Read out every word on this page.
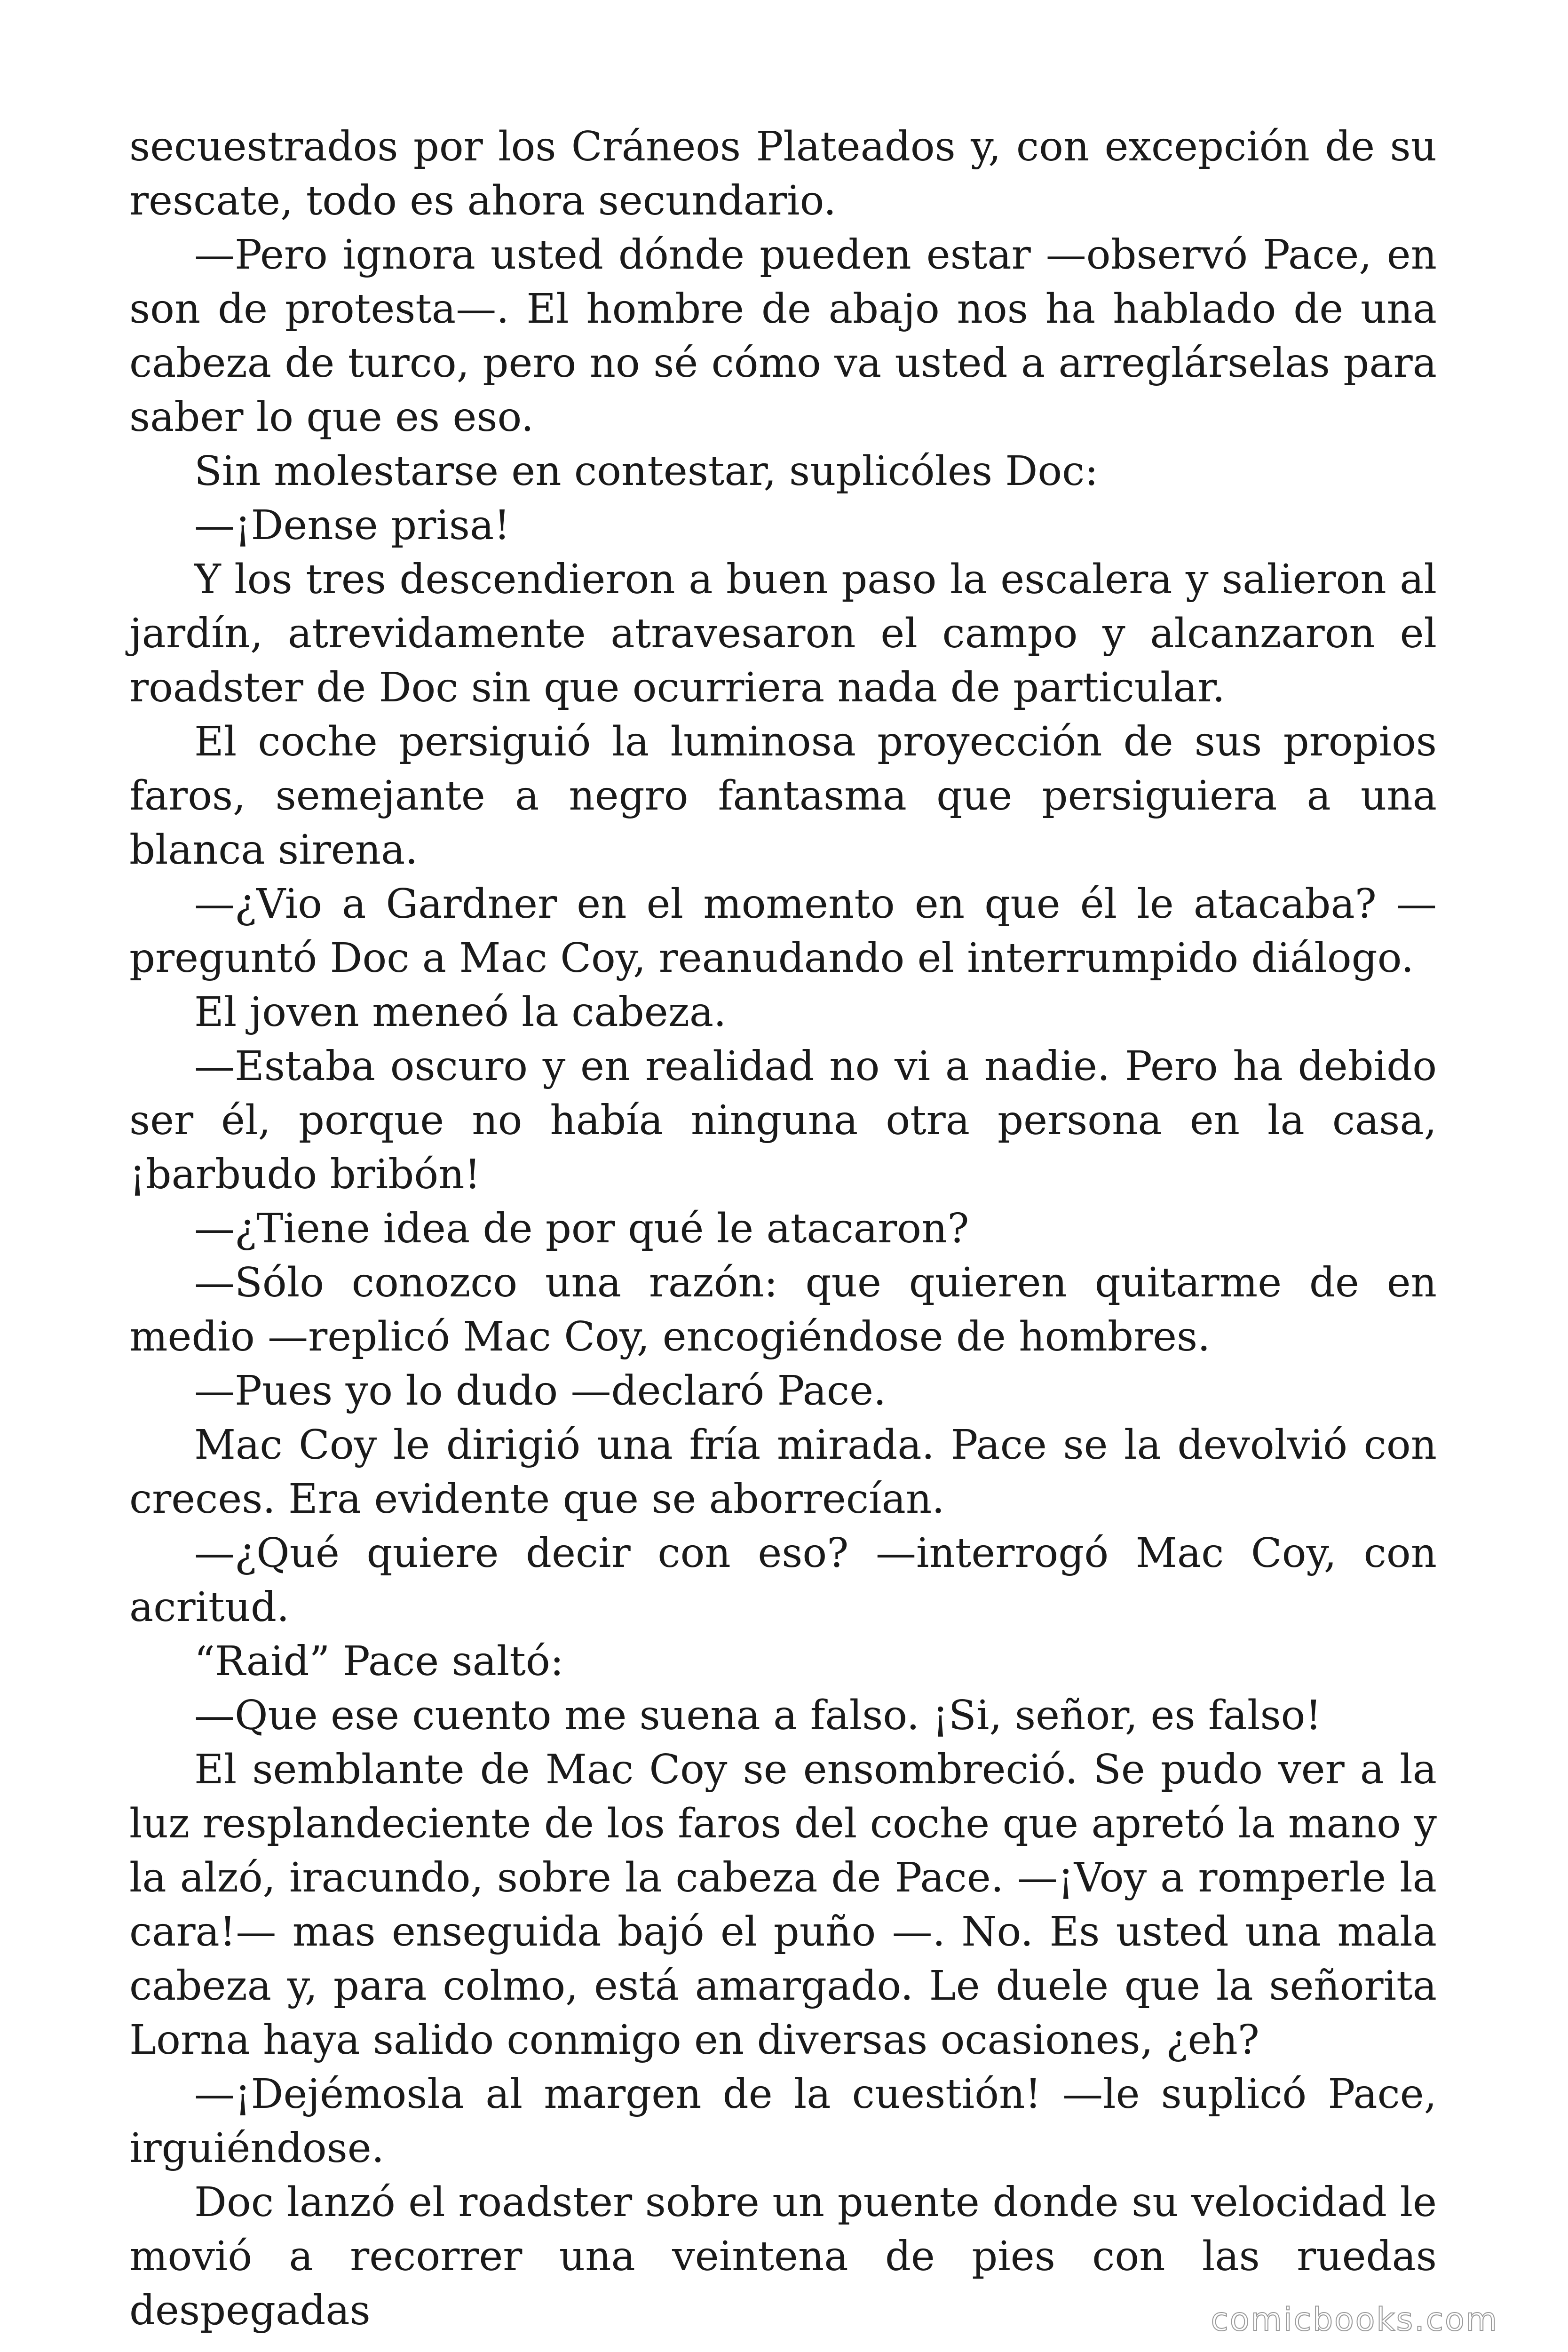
secuestrados por los Cráneos Plateados y, con excepción de su rescate, todo es ahora secundario.

—Pero ignora usted dónde pueden estar —observó Pace, en son de protesta—. El hombre de abajo nos ha hablado de una cabeza de turco, pero no sé cómo va usted a arreglárselas para saber lo que es eso.

Sin molestarse en contestar, suplicóles Doc:

—¡Dense prisa!

Y los tres descendieron a buen paso la escalera y salieron al jardín, atrevidamente atravesaron el campo y alcanzaron el roadster de Doc sin que ocurriera nada de particular.

El coche persiguió la luminosa proyección de sus propios faros, semejante a negro fantasma que persiguiera a una blanca sirena.

—¿Vio a Gardner en el momento en que él le atacaba? —preguntó Doc a Mac Coy, reanudando el interrumpido diálogo.

El joven meneó la cabeza.

—Estaba oscuro y en realidad no vi a nadie. Pero ha debido ser él, porque no había ninguna otra persona en la casa, ¡barbudo bribón!

—¿Tiene idea de por qué le atacaron?

—Sólo conozco una razón: que quieren quitarme de en medio —replicó Mac Coy, encogiéndose de hombres.

—Pues yo lo dudo —declaró Pace.

Mac Coy le dirigió una fría mirada. Pace se la devolvió con creces. Era evidente que se aborrecían.

—¿Qué quiere decir con eso? —interrogó Mac Coy, con acritud.

“Raid” Pace saltó:

—Que ese cuento me suena a falso. ¡Si, señor, es falso!

El semblante de Mac Coy se ensombreció. Se pudo ver a la luz resplandeciente de los faros del coche que apretó la mano y la alzó, iracundo, sobre la cabeza de Pace. —¡Voy a romperle la cara!— mas enseguida bajó el puño —. No. Es usted una mala cabeza y, para colmo, está amargado. Le duele que la señorita Lorna haya salido conmigo en diversas ocasiones, ¿eh?

—¡Dejémosla al margen de la cuestión! —le suplicó Pace, irguiéndose.

Doc lanzó el roadster sobre un puente donde su velocidad le movió a recorrer una veintena de pies con las ruedas despegadas	comicbooks.com
